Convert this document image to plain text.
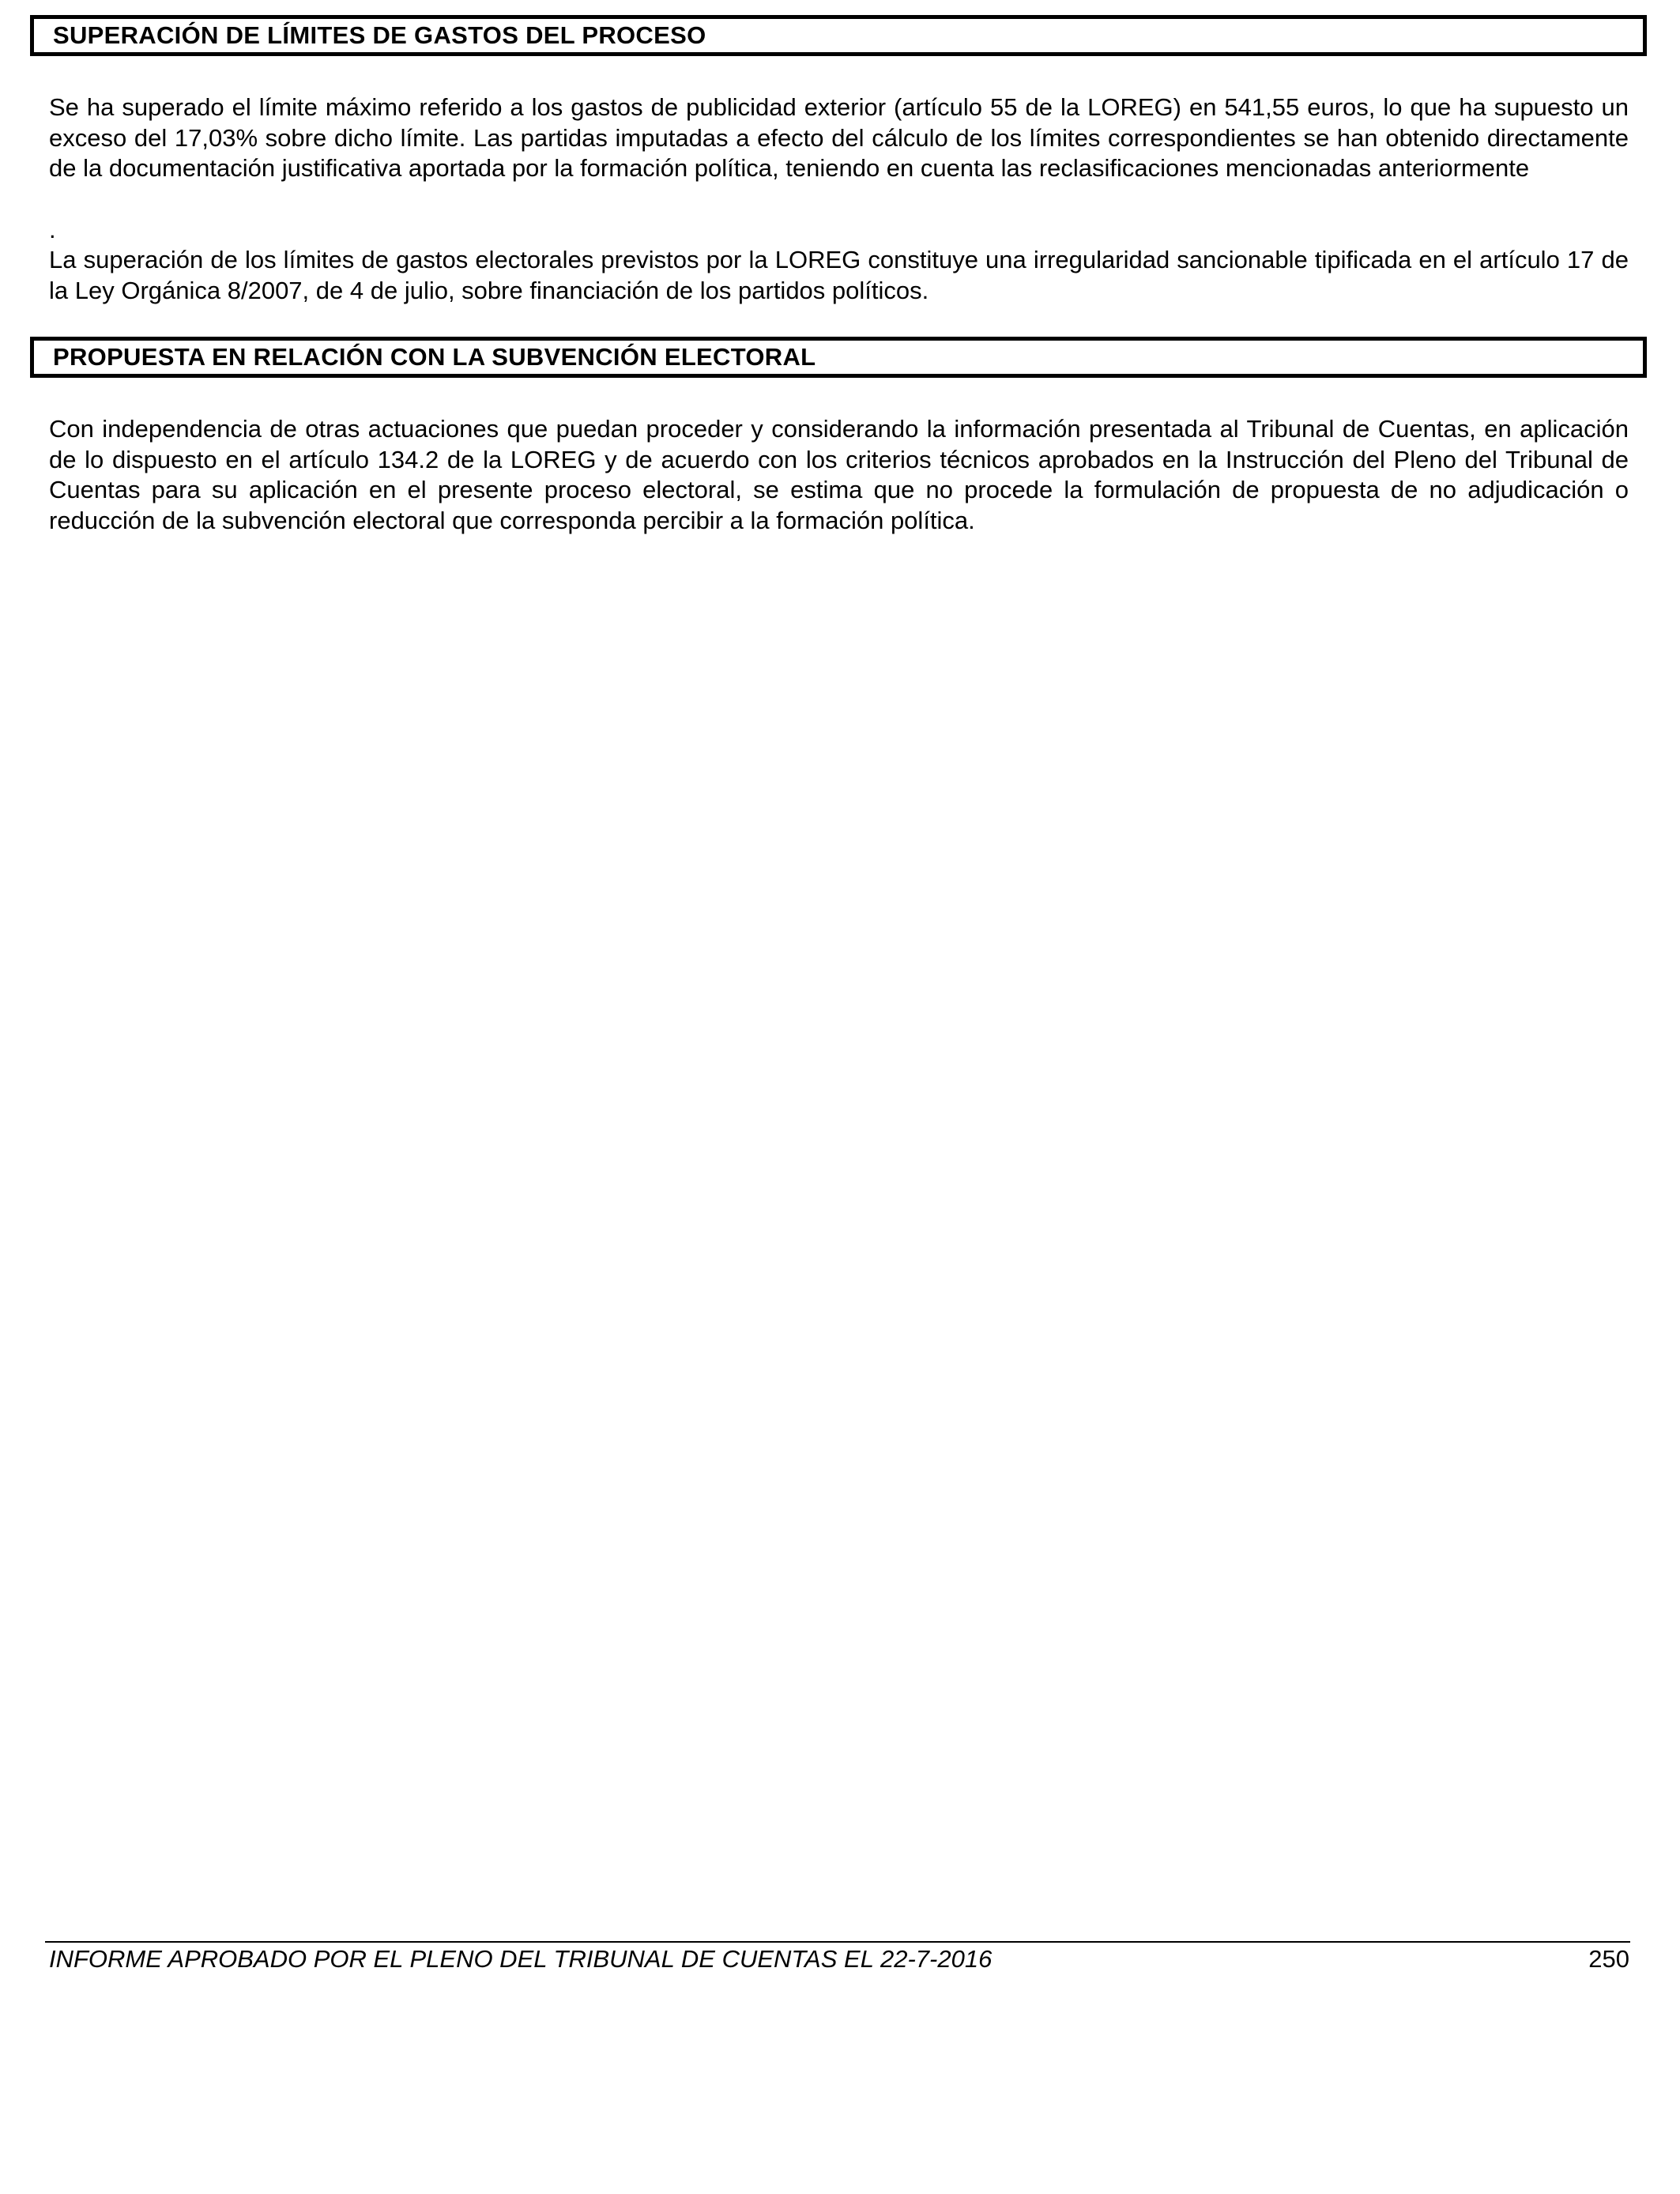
SUPERACIÓN DE LÍMITES DE GASTOS DEL PROCESO

Se ha superado el límite máximo referido a los gastos de publicidad exterior (artículo 55 de la LOREG) en 541,55 euros, lo que ha supuesto un exceso del 17,03% sobre dicho límite. Las partidas imputadas a efecto del cálculo de los límites correspondientes se han obtenido directamente de la documentación justificativa aportada por la formación política, teniendo en cuenta las reclasificaciones mencionadas anteriormente

.

La superación de los límites de gastos electorales previstos por la LOREG constituye una irregularidad sancionable tipificada en el artículo 17 de la Ley Orgánica 8/2007, de 4 de julio, sobre financiación de los partidos políticos.

PROPUESTA EN RELACIÓN CON LA SUBVENCIÓN ELECTORAL

Con independencia de otras actuaciones que puedan proceder y considerando la información presentada al Tribunal de Cuentas, en aplicación de lo dispuesto en el artículo 134.2 de la LOREG y de acuerdo con los criterios técnicos aprobados en la Instrucción del Pleno del Tribunal de Cuentas para su aplicación en el presente proceso electoral, se estima que no procede la formulación de propuesta de no adjudicación o reducción de la subvención electoral que corresponda percibir a la formación política.

INFORME APROBADO POR EL PLENO DEL TRIBUNAL DE CUENTAS EL 22-7-2016	250
